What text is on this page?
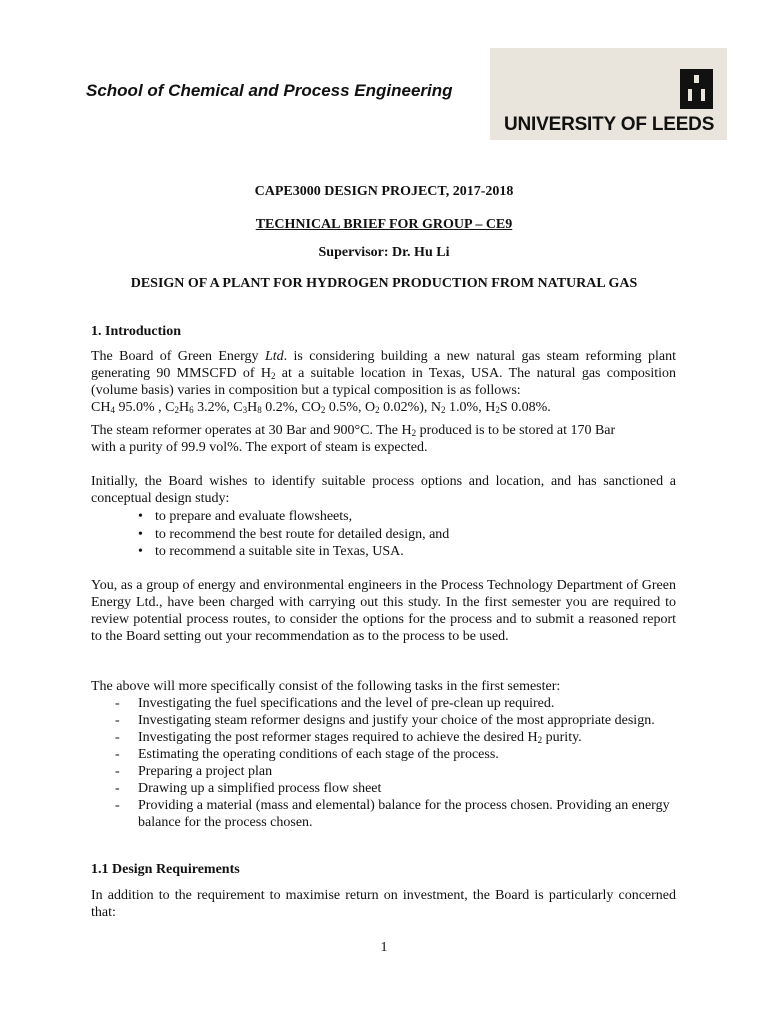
School of Chemical and Process Engineering
UNIVERSITY OF LEEDS
CAPE3000 DESIGN PROJECT, 2017-2018
TECHNICAL BRIEF FOR GROUP – CE9
Supervisor: Dr. Hu Li
DESIGN OF A PLANT FOR HYDROGEN PRODUCTION FROM NATURAL GAS
1. Introduction
The Board of Green Energy Ltd. is considering building a new natural gas steam reforming plant generating 90 MMSCFD of $H_2$ at a suitable location in Texas, USA. The natural gas composition (volume basis) varies in composition but a typical composition is as follows:
$CH_4$ 95.0% , $C_2H_6$ 3.2%, $C_3H_8$ 0.2%, $CO_2$ 0.5%, $O_2$ 0.02%), $N_2$ 1.0%, $H_2S$ 0.08%.
The steam reformer operates at 30 Bar and 900°C. The $H_2$ produced is to be stored at 170 Bar
with a purity of 99.9 vol%. The export of steam is expected.
Initially, the Board wishes to identify suitable process options and location, and has sanctioned a conceptual design study:
• to prepare and evaluate flowsheets,
• to recommend the best route for detailed design, and
• to recommend a suitable site in Texas, USA.
You, as a group of energy and environmental engineers in the Process Technology Department of Green Energy Ltd., have been charged with carrying out this study. In the first semester you are required to review potential process routes, to consider the options for the process and to submit a reasoned report to the Board setting out your recommendation as to the process to be used.
The above will more specifically consist of the following tasks in the first semester:
- Investigating the fuel specifications and the level of pre-clean up required.
- Investigating steam reformer designs and justify your choice of the most appropriate design.
- Investigating the post reformer stages required to achieve the desired $H_2$ purity.
- Estimating the operating conditions of each stage of the process.
- Preparing a project plan
- Drawing up a simplified process flow sheet
- Providing a material (mass and elemental) balance for the process chosen. Providing an energy balance for the process chosen.
1.1 Design Requirements
In addition to the requirement to maximise return on investment, the Board is particularly concerned that:
1
